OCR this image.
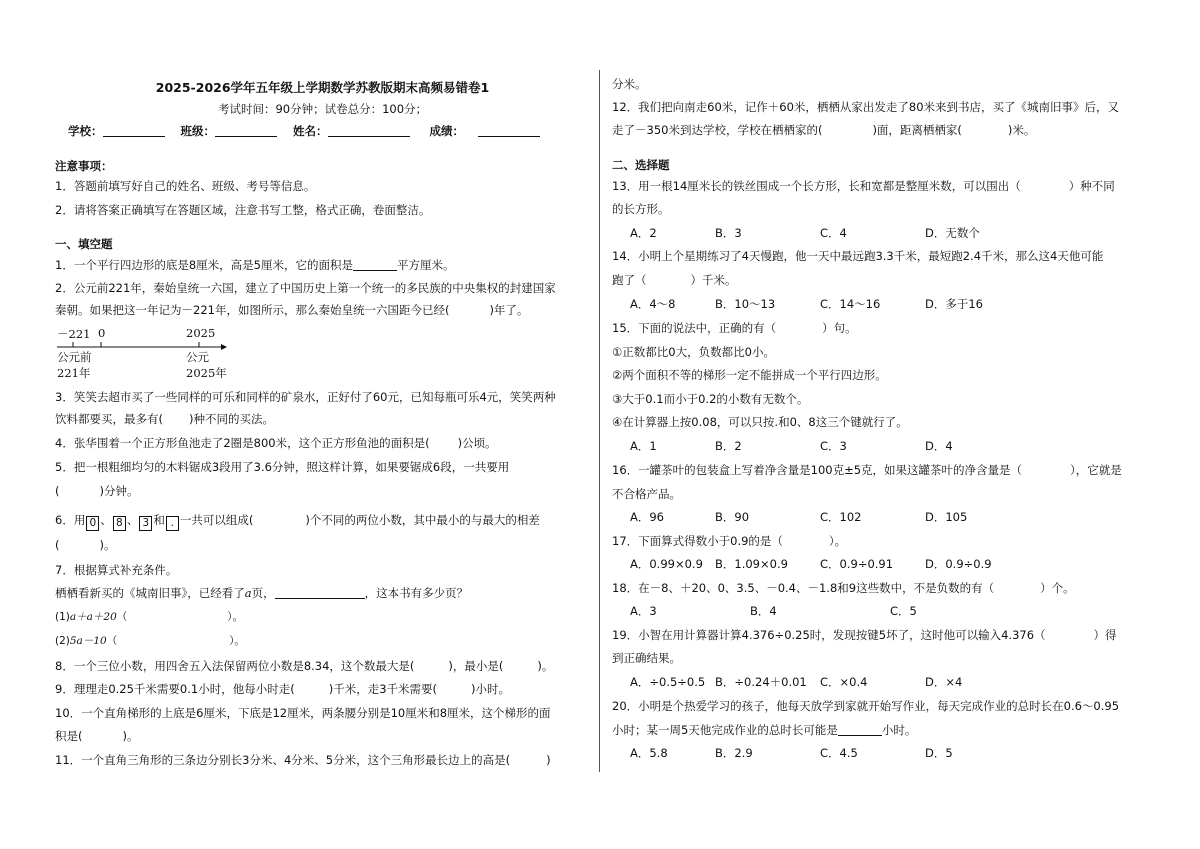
2025-2026学年五年级上学期数学苏教版期末高频易错卷1
考试时间：90分钟；试卷总分：100分；
学校：	班级：	姓名：	成绩：
注意事项：
1．答题前填写好自己的姓名、班级、考号等信息。
2．请将答案正确填写在答题区域，注意书写工整，格式正确，卷面整洁。
一、填空题
1．一个平行四边形的底是8厘米，高是5厘米，它的面积是	平方厘米。
2．公元前221年，秦始皇统一六国，建立了中国历史上第一个统一的多民族的中央集权的封建国家
秦朝。如果把这一年记为－221年，如图所示，那么秦始皇统一六国距今已经(	)年了。
－221 0	2025
公元前
221年
公元
2025年
3．笑笑去超市买了一些同样的可乐和同样的矿泉水，正好付了60元，已知每瓶可乐4元，笑笑两种
饮料都要买，最多有( )种不同的买法。
4．张华围着一个正方形鱼池走了2圈是800米，这个正方形鱼池的面积是( )公顷。
5．把一根粗细均匀的木料锯成3段用了3.6分钟，照这样计算，如果要锯成6段，一共要用
(	)分钟。
6．用 0 、 8 、 3 和 . 一共可以组成(	)个不同的两位小数，其中最小的与最大的相差
(	)。
7．根据算式补充条件。
栖栖看新买的《城南旧事》，已经看了a页，	，这本书有多少页？
(1)a＋a＋20（	）。
(2)5a－10（	）。
8．一个三位小数，用四舍五入法保留两位小数是8.34，这个数最大是(	)，最小是(	)。
9．理理走0.25千米需要0.1小时，他每小时走(	)千米，走3千米需要(	)小时。
10．一个直角梯形的上底是6厘米，下底是12厘米，两条腰分别是10厘米和8厘米，这个梯形的面
积是(	)。
11．一个直角三角形的三条边分别长3分米、4分米、5分米，这个三角形最长边上的高是(	)
分米。
12．我们把向南走60米，记作＋60米，栖栖从家出发走了80米来到书店，买了《城南旧事》后，又
走了－350米到达学校，学校在栖栖家的(	)面，距离栖栖家(	)米。
二、选择题
13．用一根14厘米长的铁丝围成一个长方形，长和宽都是整厘米数，可以围出（	）种不同
的长方形。
A．2	B．3	C．4	D．无数个
14．小明上个星期练习了4天慢跑，他一天中最远跑3.3千米，最短跑2.4千米，那么这4天他可能
跑了（	）千米。
A．4～8	B．10～13	C．14～16	D．多于16
15．下面的说法中，正确的有（	）句。
①正数都比0大，负数都比0小。
②两个面积不等的梯形一定不能拼成一个平行四边形。
③大于0.1而小于0.2的小数有无数个。
④在计算器上按0.08，可以只按.和0、8这三个键就行了。
A．1	B．2	C．3	D．4
16．一罐茶叶的包装盒上写着净含量是100克±5克，如果这罐茶叶的净含量是（	），它就是
不合格产品。
A．96	B．90	C．102	D．105
17．下面算式得数小于0.9的是（	）。
A．0.99×0.9 B．1.09×0.9	C．0.9÷0.91	D．0.9÷0.9
18．在－8、＋20、0、3.5、－0.4、－1.8和9这些数中，不是负数的有（	）个。
A．3	B．4	C．5
19．小智在用计算器计算4.376÷0.25时，发现按键5坏了，这时他可以输入4.376（	）得
到正确结果。
A．÷0.5÷0.5 B．÷0.24＋0.01 C．×0.4	D．×4
20．小明是个热爱学习的孩子，他每天放学到家就开始写作业，每天完成作业的总时长在0.6～0.95
小时；某一周5天他完成作业的总时长可能是	小时。
A．5.8	B．2.9	C．4.5	D．5
